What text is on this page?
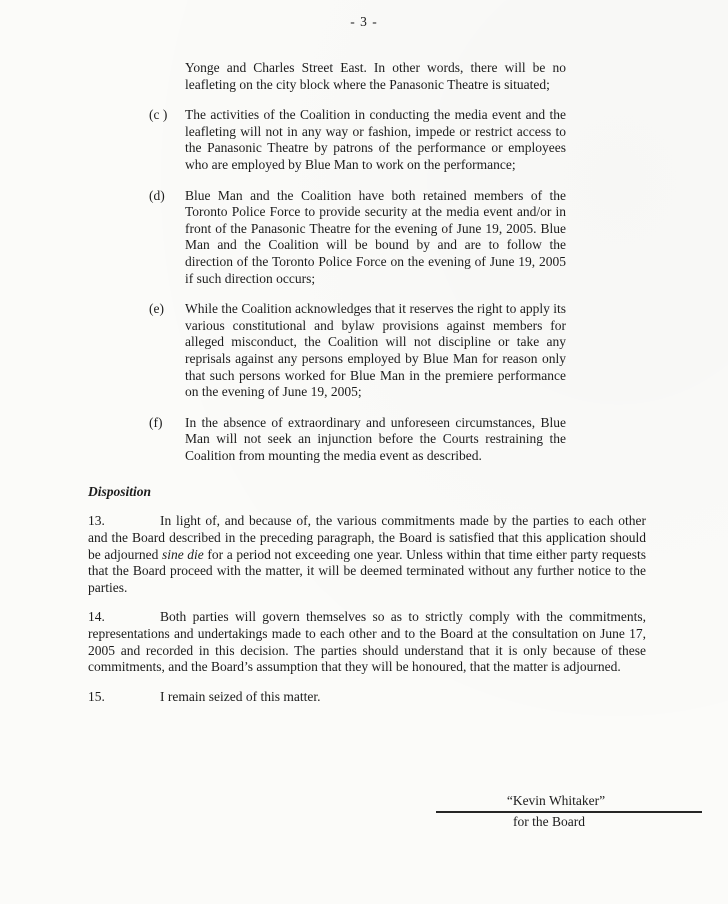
- 3 -

Yonge and Charles Street East. In other words, there will be no leafleting on the city block where the Panasonic Theatre is situated;

(c )	The activities of the Coalition in conducting the media event and the leafleting will not in any way or fashion, impede or restrict access to the Panasonic Theatre by patrons of the performance or employees who are employed by Blue Man to work on the performance;
(d)	Blue Man and the Coalition have both retained members of the Toronto Police Force to provide security at the media event and/or in front of the Panasonic Theatre for the evening of June 19, 2005. Blue Man and the Coalition will be bound by and are to follow the direction of the Toronto Police Force on the evening of June 19, 2005 if such direction occurs;
(e)	While the Coalition acknowledges that it reserves the right to apply its various constitutional and bylaw provisions against members for alleged misconduct, the Coalition will not discipline or take any reprisals against any persons employed by Blue Man for reason only that such persons worked for Blue Man in the premiere performance on the evening of June 19, 2005;
(f)	In the absence of extraordinary and unforeseen circumstances, Blue Man will not seek an injunction before the Courts restraining the Coalition from mounting the media event as described.
Disposition

13.	In light of, and because of, the various commitments made by the parties to each other and the Board described in the preceding paragraph, the Board is satisfied that this application should be adjourned sine die for a period not exceeding one year. Unless within that time either party requests that the Board proceed with the matter, it will be deemed terminated without any further notice to the parties.

14.	Both parties will govern themselves so as to strictly comply with the commitments, representations and undertakings made to each other and to the Board at the consultation on June 17, 2005 and recorded in this decision. The parties should understand that it is only because of these commitments, and the Board’s assumption that they will be honoured, that the matter is adjourned.

15.	I remain seized of this matter.

“Kevin Whitaker”
for the Board
